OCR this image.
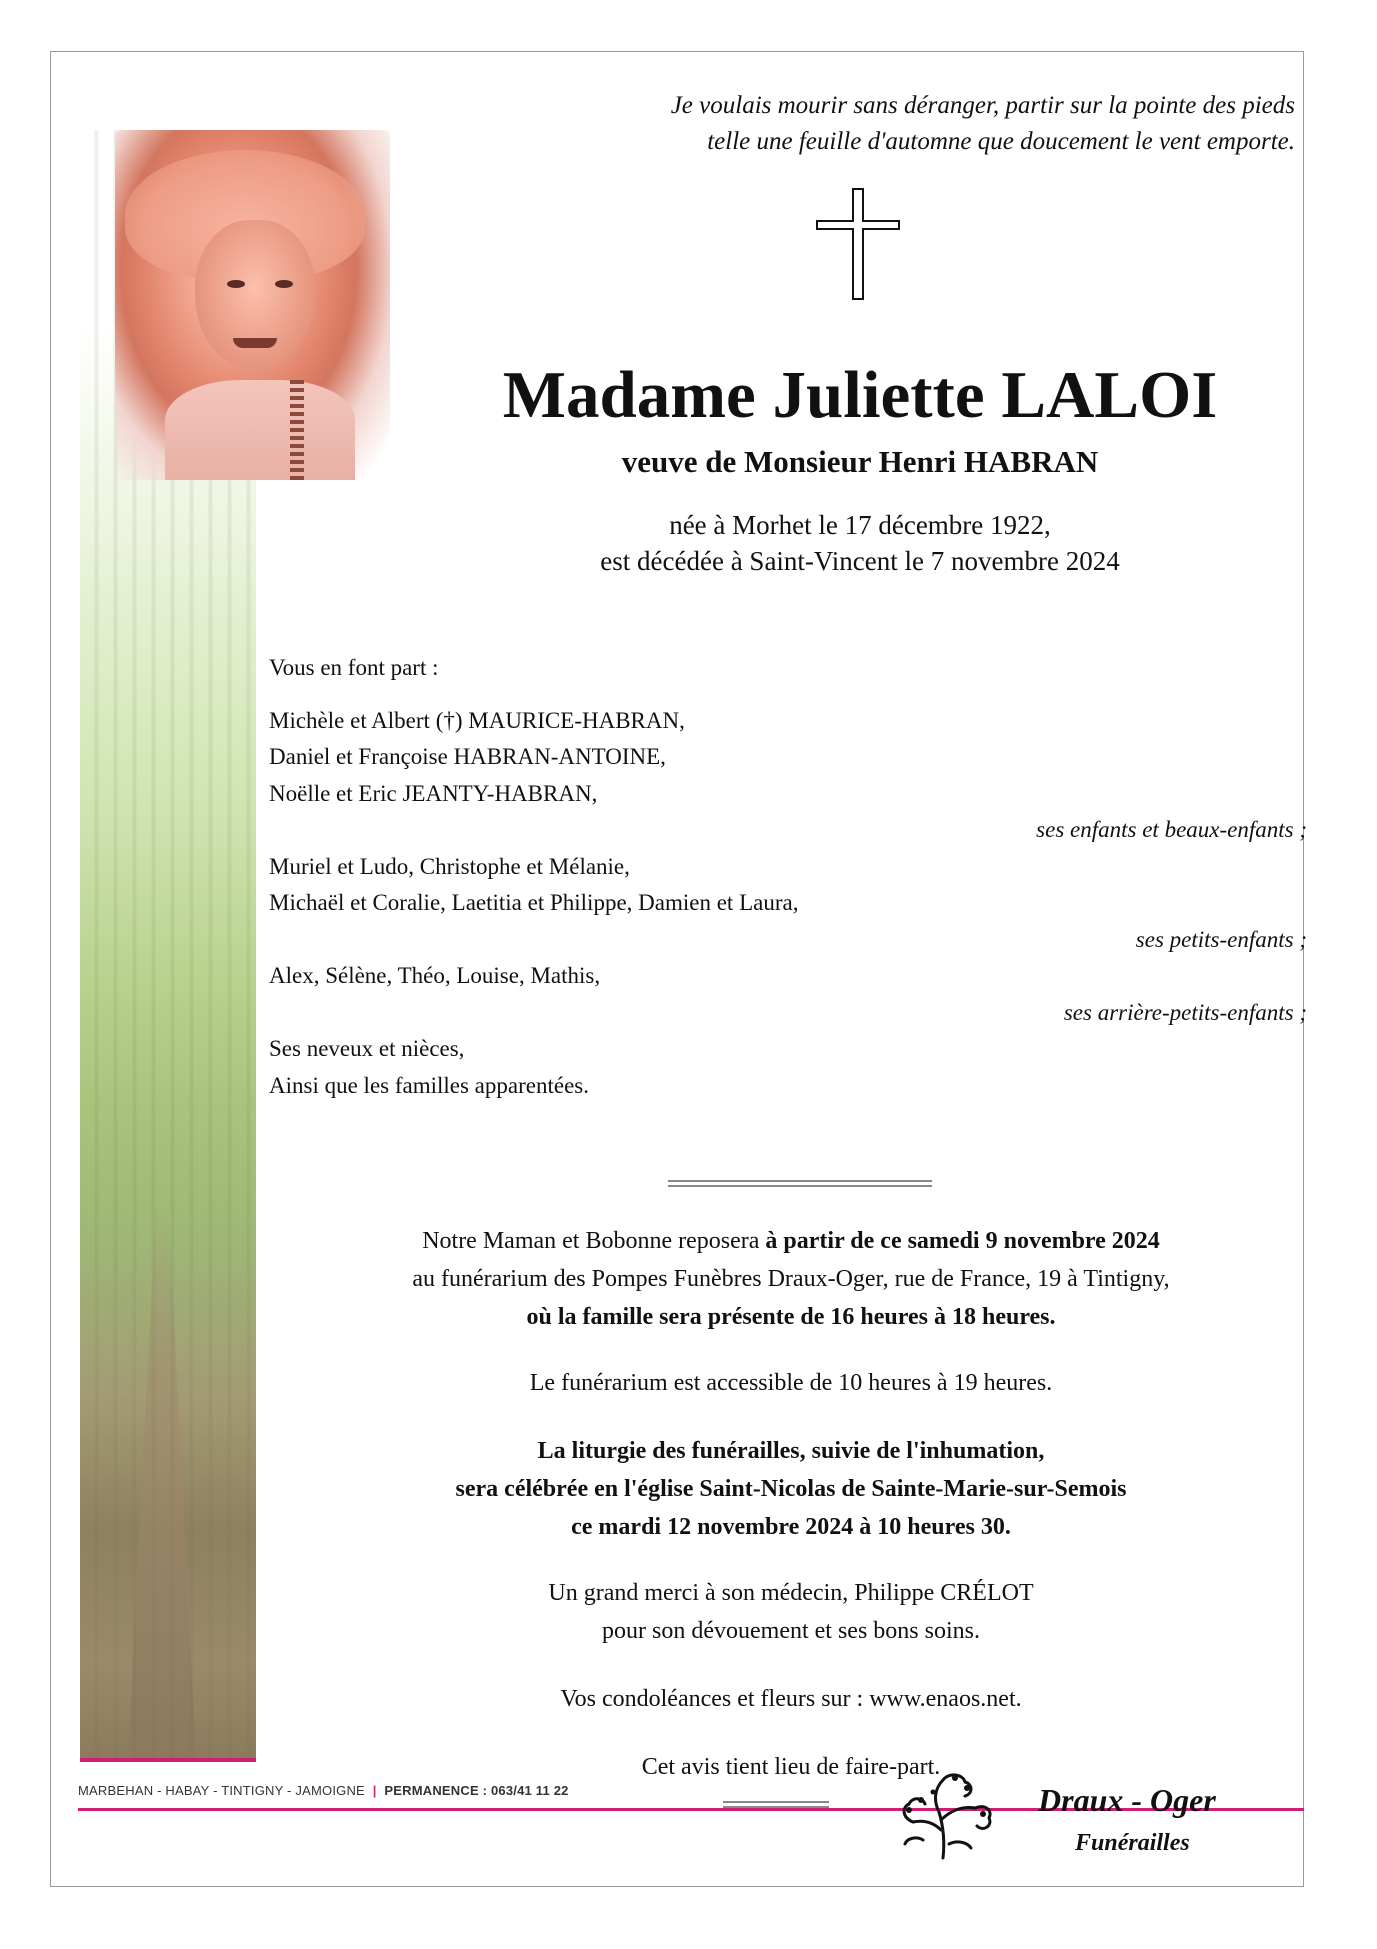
Je voulais mourir sans déranger, partir sur la pointe des pieds
telle une feuille d'automne que doucement le vent emporte.
Madame Juliette LALOI
veuve de Monsieur Henri HABRAN
née à Morhet le 17 décembre 1922,
est décédée à Saint-Vincent le 7 novembre 2024
Vous en font part :
Michèle et Albert (†) MAURICE-HABRAN,
Daniel et Françoise HABRAN-ANTOINE,
Noëlle et Eric JEANTY-HABRAN,
ses enfants et beaux-enfants ;
Muriel et Ludo, Christophe et Mélanie,
Michaël et Coralie, Laetitia et Philippe, Damien et Laura,
ses petits-enfants ;
Alex, Sélène, Théo, Louise, Mathis,
ses arrière-petits-enfants ;
Ses neveux et nièces,
Ainsi que les familles apparentées.
Notre Maman et Bobonne reposera à partir de ce samedi 9 novembre 2024
au funérarium des Pompes Funèbres Draux-Oger, rue de France, 19 à Tintigny,
où la famille sera présente de 16 heures à 18 heures.
Le funérarium est accessible de 10 heures à 19 heures.
La liturgie des funérailles, suivie de l'inhumation,
sera célébrée en l'église Saint-Nicolas de Sainte-Marie-sur-Semois
ce mardi 12 novembre 2024 à 10 heures 30.
Un grand merci à son médecin, Philippe CRÉLOT
pour son dévouement et ses bons soins.
Vos condoléances et fleurs sur : www.enaos.net.
Cet avis tient lieu de faire-part.
MARBEHAN - HABAY - TINTIGNY - JAMOIGNE | PERMANENCE : 063/41 11 22	Draux - Oger
Funérailles
